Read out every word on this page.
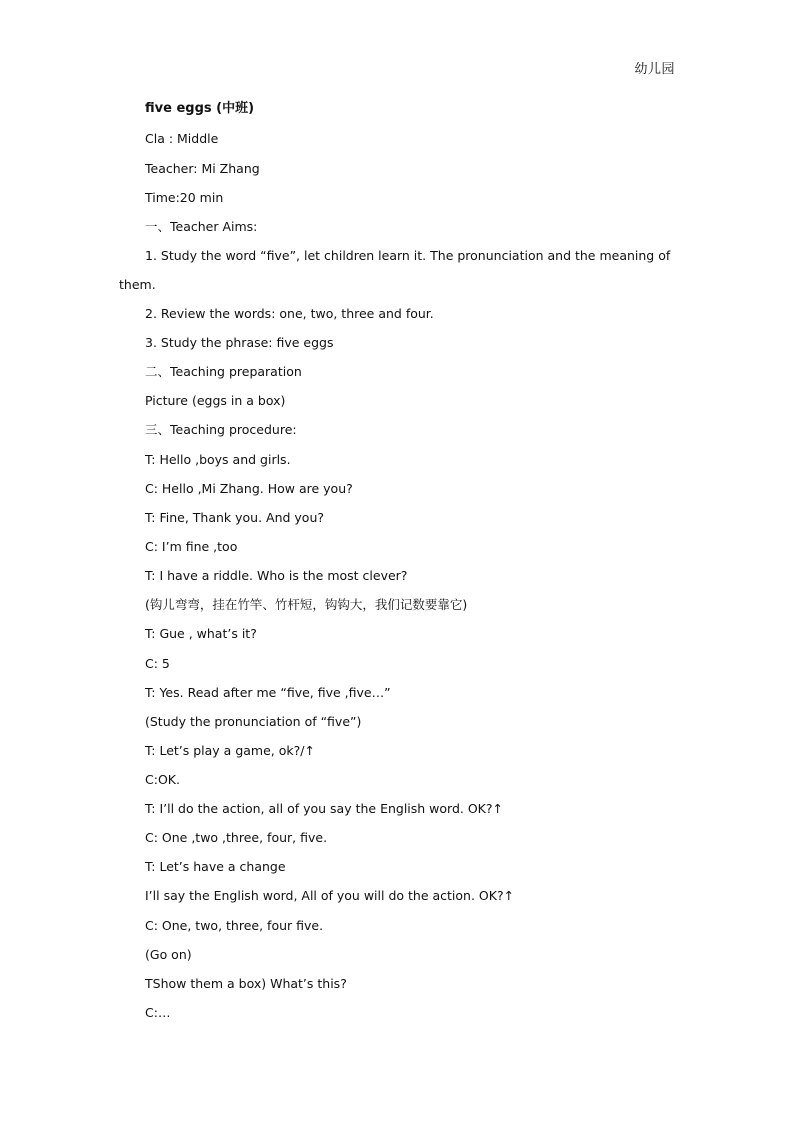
幼儿园
five eggs (中班)
Cla : Middle
Teacher: Mi Zhang
Time:20 min
一、Teacher Aims:
1. Study the word “five”, let children learn it. The pronunciation and the meaning of
them.
2. Review the words: one, two, three and four.
3. Study the phrase: five eggs
二、Teaching preparation
Picture (eggs in a box)
三、Teaching procedure:
T: Hello ,boys and girls.
C: Hello ,Mi Zhang. How are you?
T: Fine, Thank you. And you?
C: I’m fine ,too
T: I have a riddle. Who is the most clever?
(钩儿弯弯，挂在竹竿、竹杆短，钩钩大，我们记数要靠它)
T: Gue , what’s it?
C: 5
T: Yes. Read after me “five, five ,five…”
(Study the pronunciation of “five”)
T: Let’s play a game, ok?/↑
C:OK.
T: I’ll do the action, all of you say the English word. OK?↑
C: One ,two ,three, four, five.
T: Let’s have a change
I’ll say the English word, All of you will do the action. OK?↑
C: One, two, three, four five.
(Go on)
TShow them a box) What’s this?
C:…
